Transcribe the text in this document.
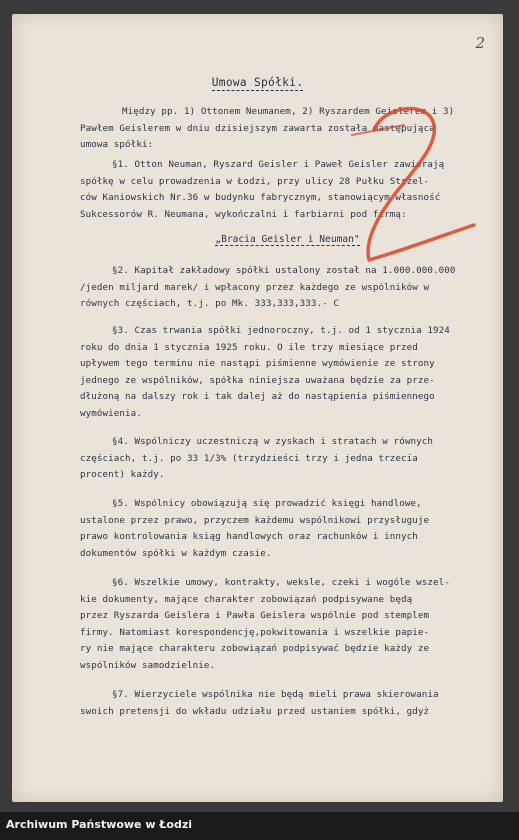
2
Umowa Spółki.
Między pp. 1) Ottonem Neumanem, 2) Ryszardem Geislerem i 3)
Pawłem Geislerem w dniu dzisiejszym zawarta została następująca
umowa spółki:
§1. Otton Neuman, Ryszard Geisler i Paweł Geisler zawierają
spółkę w celu prowadzenia w Łodzi, przy ulicy 28 Pułku Strzel-
ców Kaniowskich Nr.36 w budynku fabrycznym, stanowiącym własność
Sukcessorów R. Neumana, wykończalni i farbiarni pod firmą:
„Bracia Geisler i Neuman"
§2. Kapitał zakładowy spółki ustalony został na 1.000.000.000
/jeden miljard marek/ i wpłacony przez każdego ze wspólników w
równych częściach, t.j. po Mk. 333,333,333.- C
§3. Czas trwania spółki jednoroczny, t.j. od 1 stycznia 1924
roku do dnia 1 stycznia 1925 roku. O ile trzy miesiące przed
upływem tego terminu nie nastąpi piśmienne wymówienie ze strony
jednego ze wspólników, spółka niniejsza uważana będzie za prze-
dłużoną na dalszy rok i tak dalej aż do nastąpienia piśmiennego
wymówienia.
§4. Wspólniczy uczestniczą w zyskach i stratach w równych
częściach, t.j. po 33 1/3% (trzydzieści trzy i jedna trzecia
procent) każdy.
§5. Wspólnicy obowiązują się prowadzić księgi handlowe,
ustalone przez prawo, przyczem każdemu wspólnikowi przysługuje
prawo kontrolowania ksiąg handlowych oraz rachunków i innych
dokumentów spółki w każdym czasie.
§6. Wszelkie umowy, kontrakty, weksle, czeki i wogóle wszel-
kie dokumenty, mające charakter zobowiązań podpisywane będą
przez Ryszarda Geislera i Pawła Geislera wspólnie pod stemplem
firmy. Natomiast korespondencję,pokwitowania i wszelkie papie-
ry nie mające charakteru zobowiązań podpisywać będzie każdy ze
wspólników samodzielnie.
§7. Wierzyciele wspólnika nie będą mieli prawa skierowania
swoich pretensji do wkładu udziału przed ustaniem spółki, gdyż
Archiwum Państwowe w Łodzi
